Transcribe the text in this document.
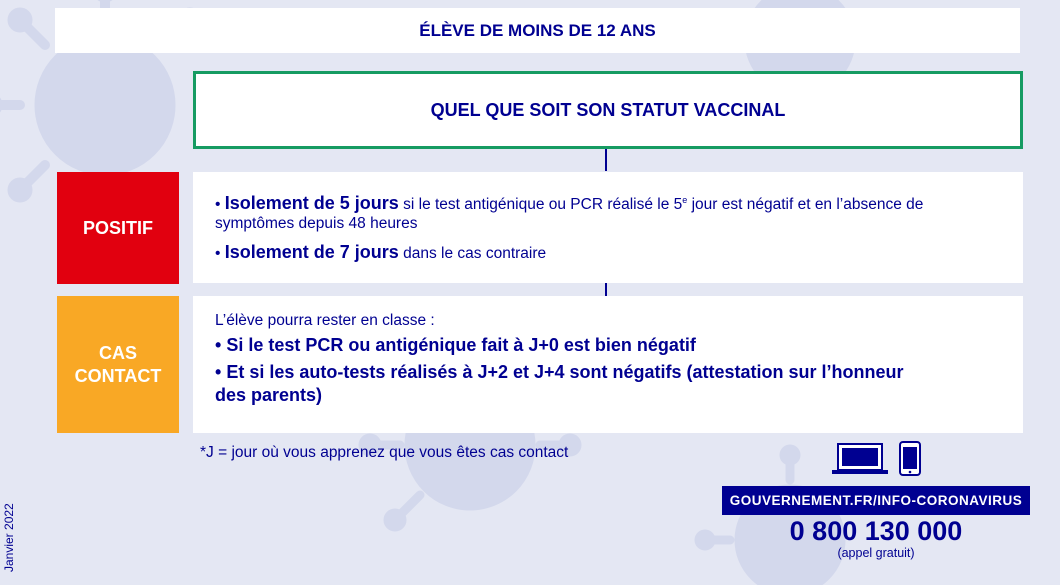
ÉLÈVE DE MOINS DE 12 ANS
QUEL QUE SOIT SON STATUT VACCINAL
POSITIF
• Isolement de 5 jours si le test antigénique ou PCR réalisé le 5e jour est négatif et en l’absence de symptômes depuis 48 heures
• Isolement de 7 jours dans le cas contraire
CAS
CONTACT
L’élève pourra rester en classe :
• Si le test PCR ou antigénique fait à J+0 est bien négatif
• Et si les auto-tests réalisés à J+2 et J+4 sont négatifs (attestation sur l’honneur
des parents)
*J = jour où vous apprenez que vous êtes cas contact
GOUVERNEMENT.FR/INFO-CORONAVIRUS
0 800 130 000
(appel gratuit)
Janvier 2022
